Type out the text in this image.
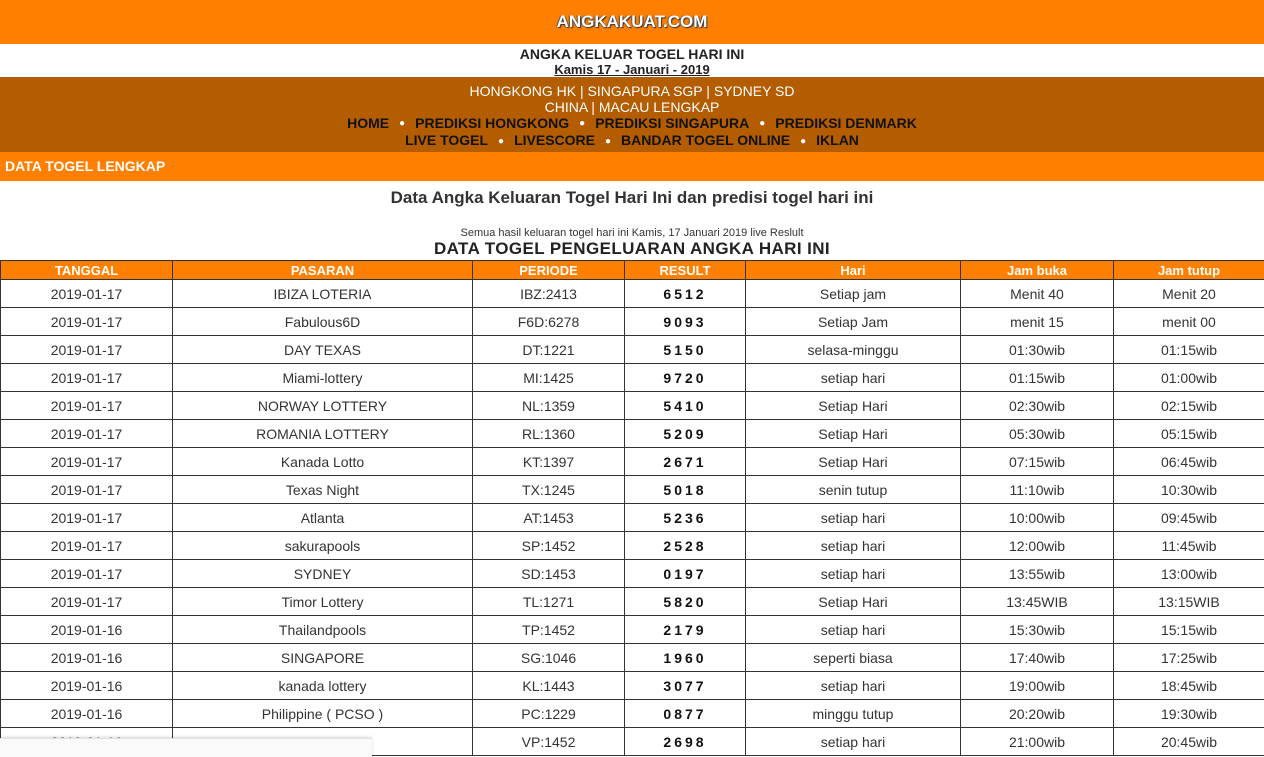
ANGKAKUAT.COM
ANGKA KELUAR TOGEL HARI INI
Kamis 17 - Januari - 2019
HONGKONG HK | SINGAPURA SGP | SYDNEY SD
CHINA | MACAU LENGKAP
HOME ● PREDIKSI HONGKONG ● PREDIKSI SINGAPURA ● PREDIKSI DENMARK
LIVE TOGEL ● LIVESCORE ● BANDAR TOGEL ONLINE ● IKLAN
DATA TOGEL LENGKAP
Data Angka Keluaran Togel Hari Ini dan predisi togel hari ini
Semua hasil keluaran togel hari ini Kamis, 17 Januari 2019 live Reslult
DATA TOGEL PENGELUARAN ANGKA HARI INI
TANGGAL	PASARAN	PERIODE	RESULT	Hari	Jam buka	Jam tutup
2019-01-17	IBIZA LOTERIA	IBZ:2413	6512	Setiap jam	Menit 40	Menit 20
2019-01-17	Fabulous6D	F6D:6278	9093	Setiap Jam	menit 15	menit 00
2019-01-17	DAY TEXAS	DT:1221	5150	selasa-minggu	01:30wib	01:15wib
2019-01-17	Miami-lottery	MI:1425	9720	setiap hari	01:15wib	01:00wib
2019-01-17	NORWAY LOTTERY	NL:1359	5410	Setiap Hari	02:30wib	02:15wib
2019-01-17	ROMANIA LOTTERY	RL:1360	5209	Setiap Hari	05:30wib	05:15wib
2019-01-17	Kanada Lotto	KT:1397	2671	Setiap Hari	07:15wib	06:45wib
2019-01-17	Texas Night	TX:1245	5018	senin tutup	11:10wib	10:30wib
2019-01-17	Atlanta	AT:1453	5236	setiap hari	10:00wib	09:45wib
2019-01-17	sakurapools	SP:1452	2528	setiap hari	12:00wib	11:45wib
2019-01-17	SYDNEY	SD:1453	0197	setiap hari	13:55wib	13:00wib
2019-01-17	Timor Lottery	TL:1271	5820	Setiap Hari	13:45WIB	13:15WIB
2019-01-16	Thailandpools	TP:1452	2179	setiap hari	15:30wib	15:15wib
2019-01-16	SINGAPORE	SG:1046	1960	seperti biasa	17:40wib	17:25wib
2019-01-16	kanada lottery	KL:1443	3077	setiap hari	19:00wib	18:45wib
2019-01-16	Philippine ( PCSO )	PC:1229	0877	minggu tutup	20:20wib	19:30wib
		VP:1452	2698	setiap hari	21:00wib	20:45wib
